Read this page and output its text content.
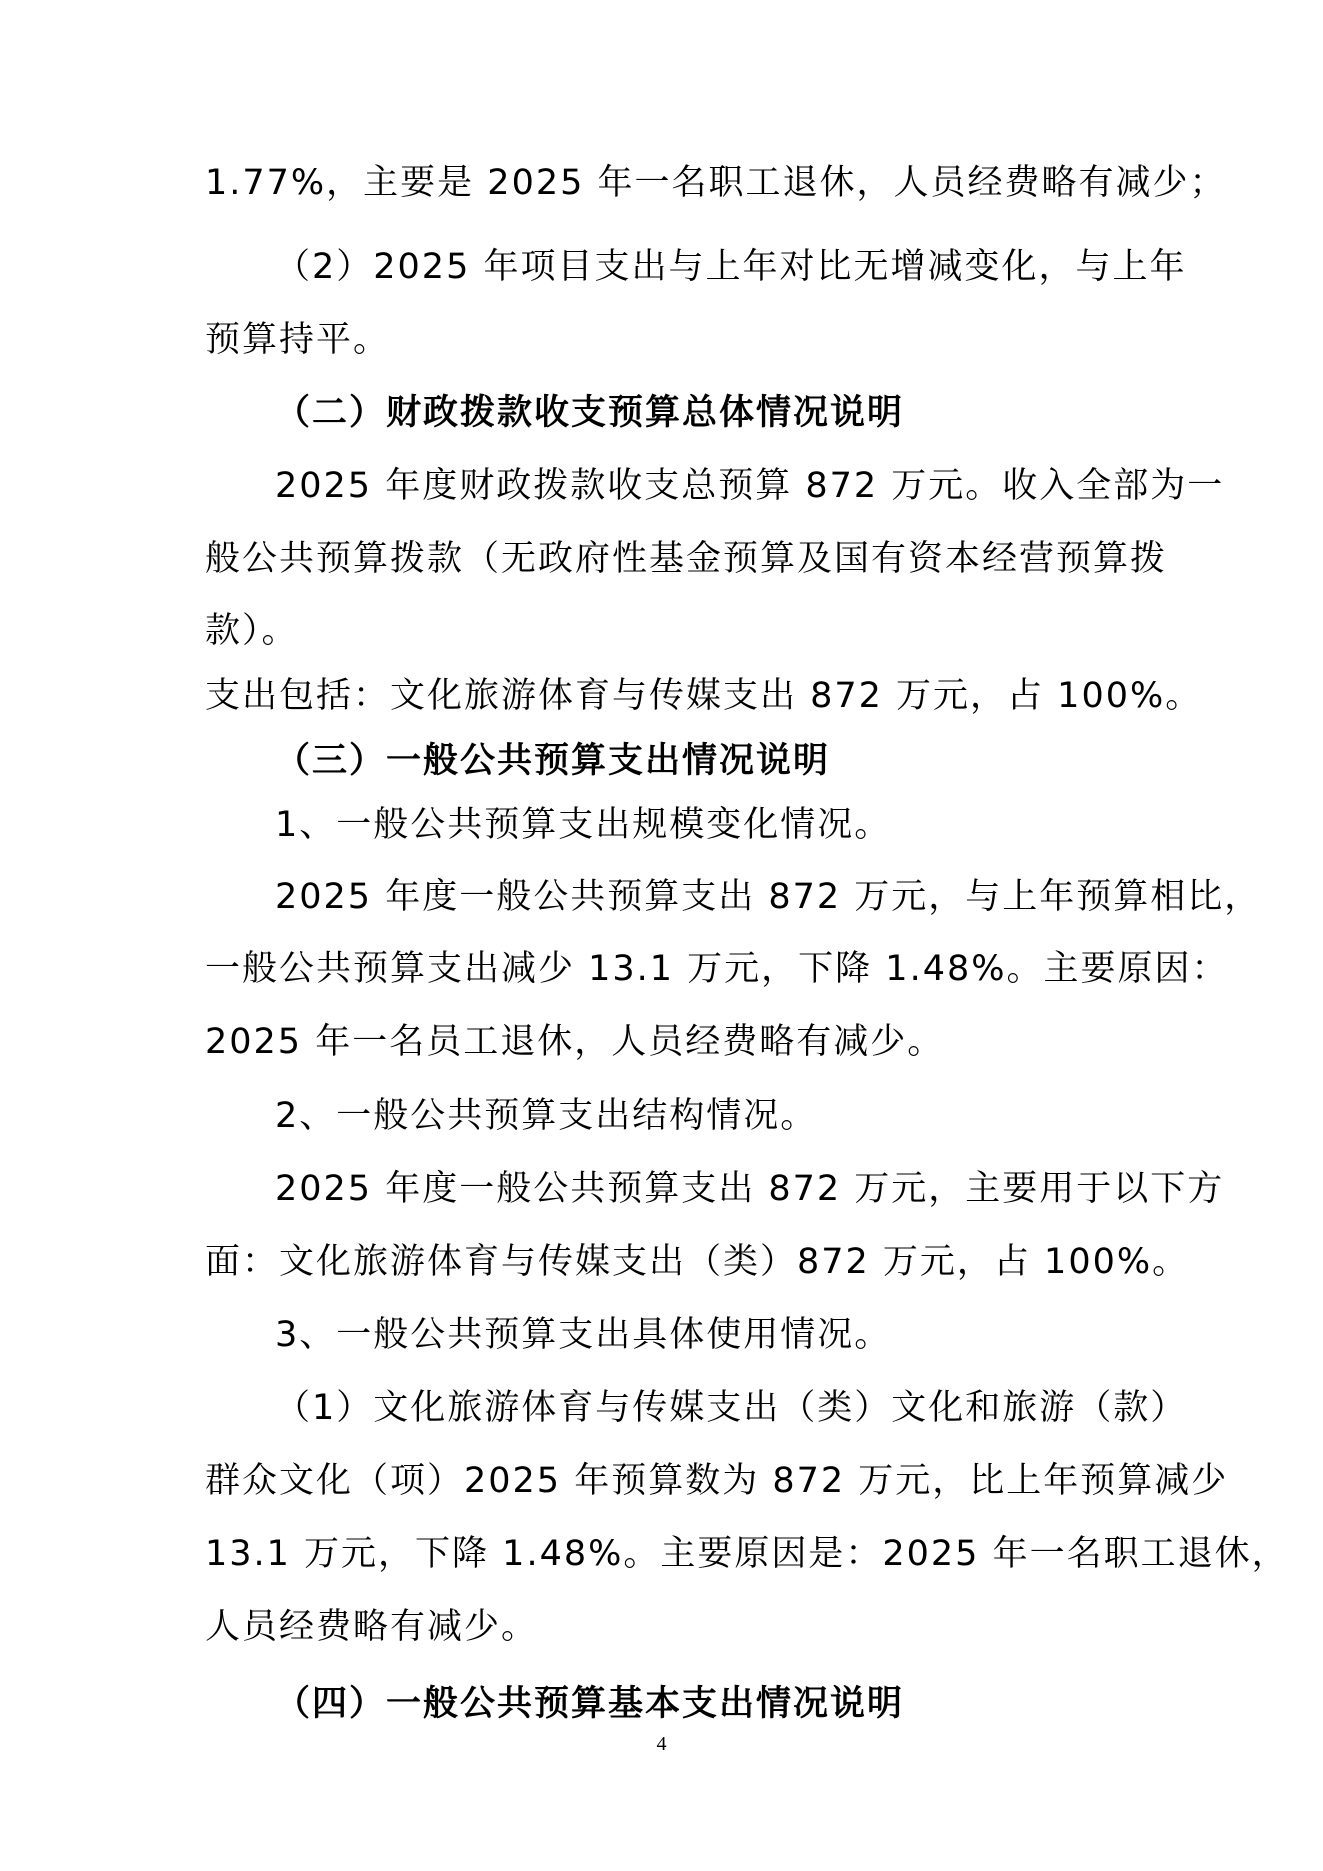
1.77%，主要是 2025 年一名职工退休，人员经费略有减少；
（2）2025 年项目支出与上年对比无增减变化，与上年
预算持平。
（二）财政拨款收支预算总体情况说明
2025 年度财政拨款收支总预算 872 万元。收入全部为一
般公共预算拨款（无政府性基金预算及国有资本经营预算拨
款）。
支出包括：文化旅游体育与传媒支出 872 万元，占 100%。
（三）一般公共预算支出情况说明
1、一般公共预算支出规模变化情况。
2025 年度一般公共预算支出 872 万元，与上年预算相比，
一般公共预算支出减少 13.1 万元，下降 1.48%。主要原因：
2025 年一名员工退休，人员经费略有减少。
2、一般公共预算支出结构情况。
2025 年度一般公共预算支出 872 万元，主要用于以下方
面：文化旅游体育与传媒支出（类）872 万元，占 100%。
3、一般公共预算支出具体使用情况。
（1）文化旅游体育与传媒支出（类）文化和旅游（款）
群众文化（项）2025 年预算数为 872 万元，比上年预算减少
13.1 万元，下降 1.48%。主要原因是：2025 年一名职工退休，
人员经费略有减少。
（四）一般公共预算基本支出情况说明
4
